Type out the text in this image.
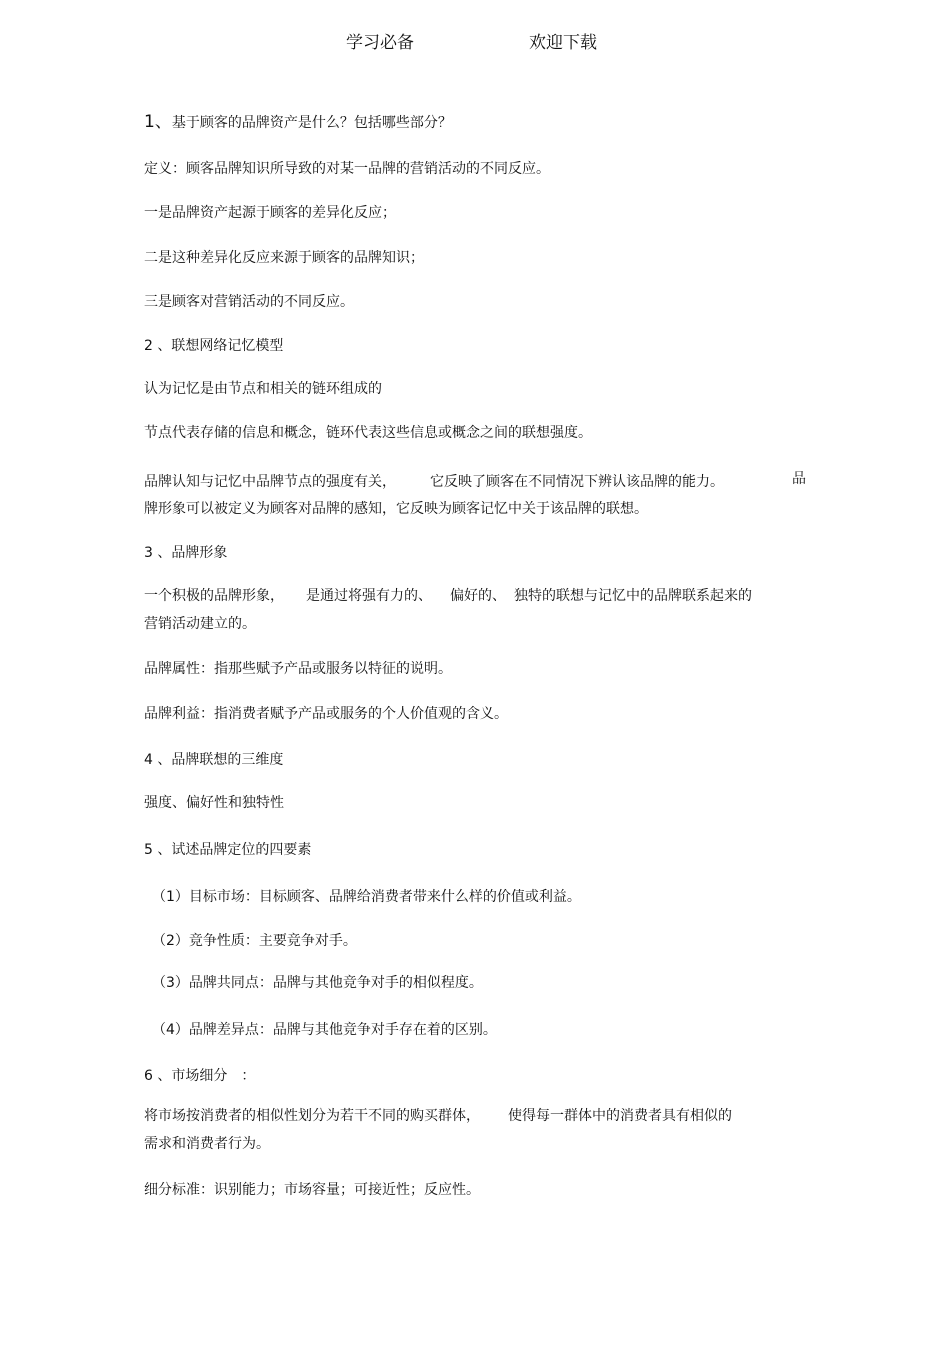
学习必备	欢迎下载
1、基于顾客的品牌资产是什么？包括哪些部分？
定义：顾客品牌知识所导致的对某一品牌的营销活动的不同反应。
一是品牌资产起源于顾客的差异化反应；
二是这种差异化反应来源于顾客的品牌知识；
三是顾客对营销活动的不同反应。
2 、联想网络记忆模型
认为记忆是由节点和相关的链环组成的
节点代表存储的信息和概念，链环代表这些信息或概念之间的联想强度。
品牌认知与记忆中品牌节点的强度有关， 它反映了顾客在不同情况下辨认该品牌的能力。	品
牌形象可以被定义为顾客对品牌的感知，它反映为顾客记忆中关于该品牌的联想。
3 、品牌形象
一个积极的品牌形象， 是通过将强有力的、 偏好的、 独特的联想与记忆中的品牌联系起来的
营销活动建立的。
品牌属性：指那些赋予产品或服务以特征的说明。
品牌利益：指消费者赋予产品或服务的个人价值观的含义。
4 、品牌联想的三维度
强度、偏好性和独特性
5 、试述品牌定位的四要素
（1）目标市场：目标顾客、品牌给消费者带来什么样的价值或利益。
（2）竞争性质：主要竞争对手。
（3）品牌共同点：品牌与其他竞争对手的相似程度。
（4）品牌差异点：品牌与其他竞争对手存在着的区别。
6 、市场细分　：
将市场按消费者的相似性划分为若干不同的购买群体， 使得每一群体中的消费者具有相似的
需求和消费者行为。
细分标准：识别能力；市场容量；可接近性；反应性。
